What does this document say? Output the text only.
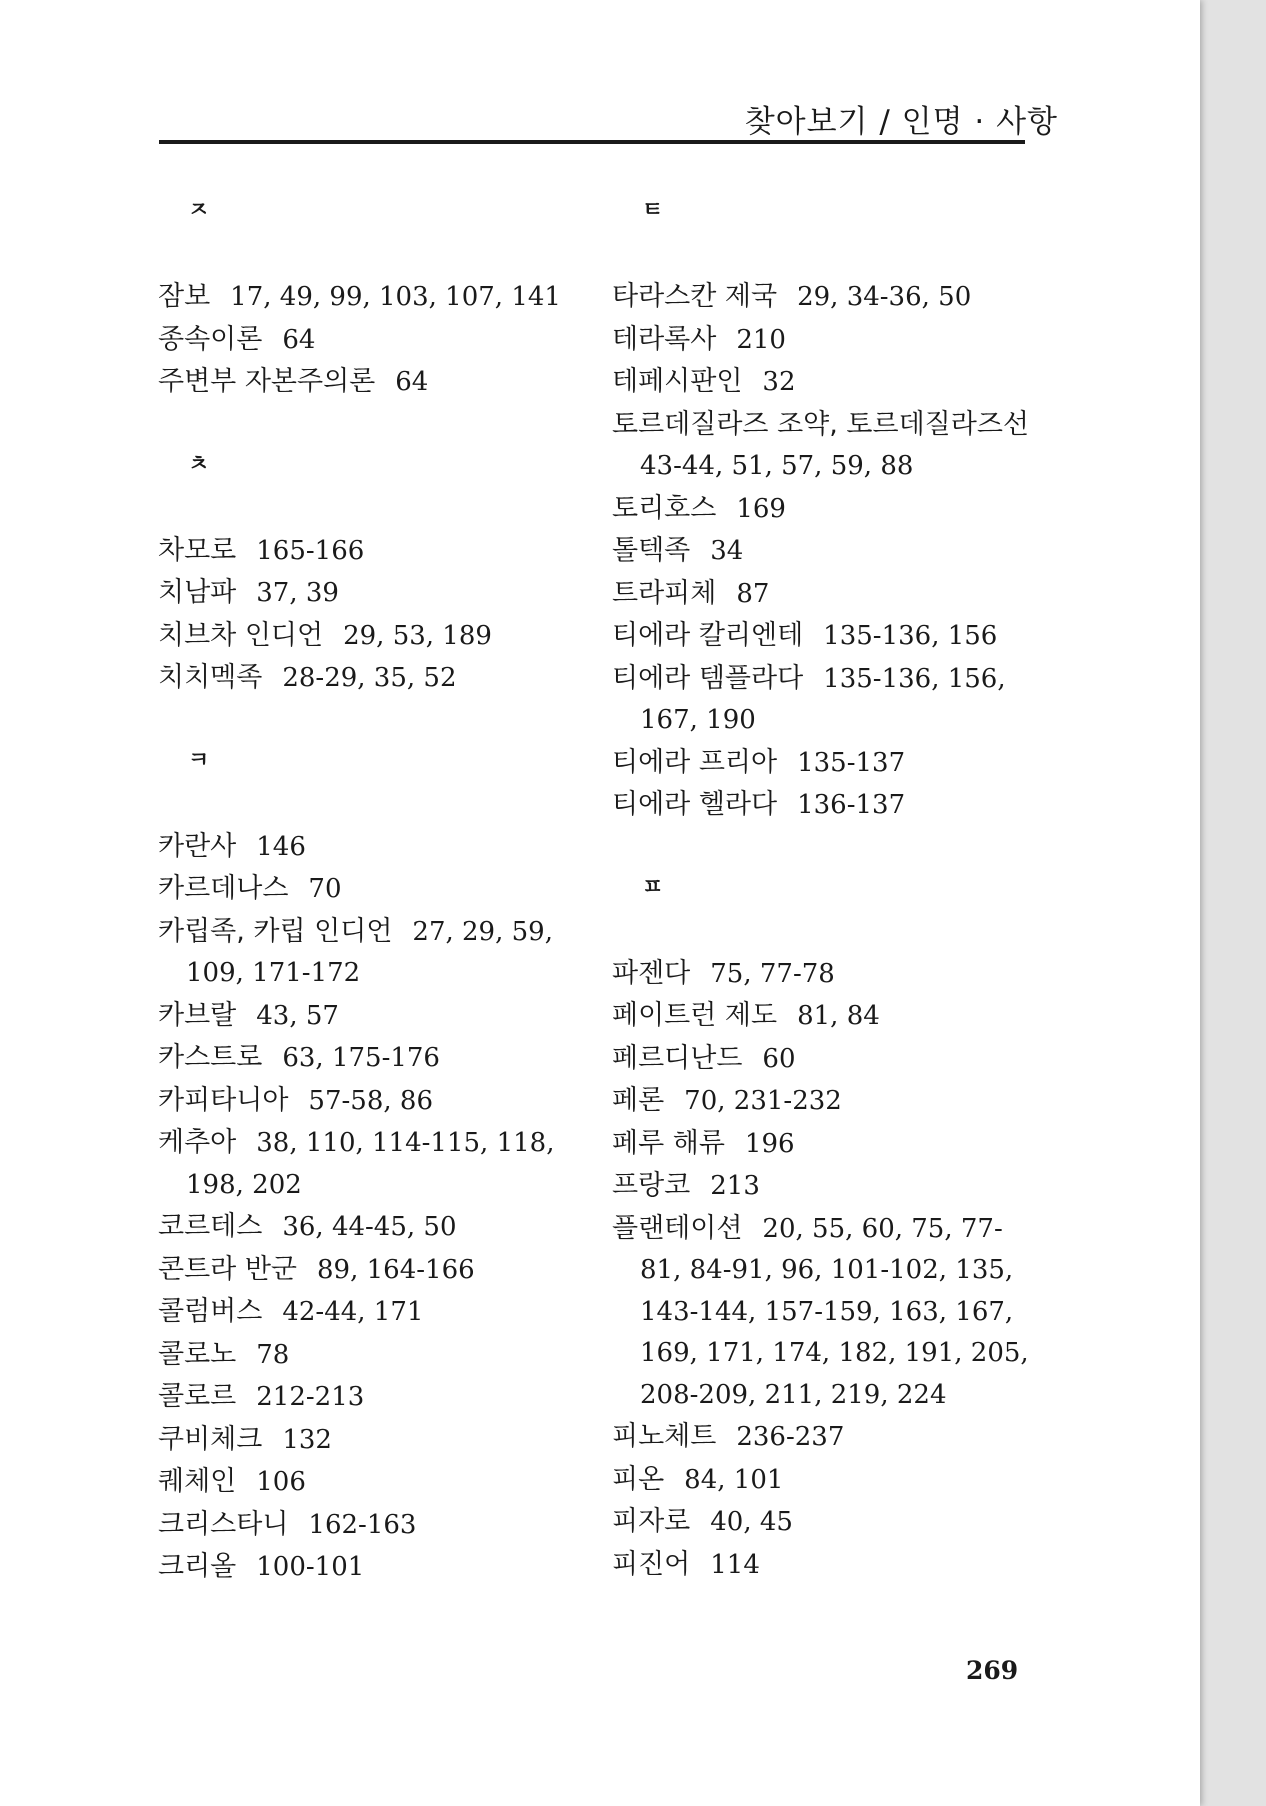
찾아보기 / 인명 · 사항
ㅈ
잠보 17, 49, 99, 103, 107, 141
종속이론 64
주변부 자본주의론 64
ㅊ
차모로 165-166
치남파 37, 39
치브차 인디언 29, 53, 189
치치멕족 28-29, 35, 52
ㅋ
카란사 146
카르데나스 70
카립족, 카립 인디언 27, 29, 59,
109, 171-172
카브랄 43, 57
카스트로 63, 175-176
카피타니아 57-58, 86
케추아 38, 110, 114-115, 118,
198, 202
코르테스 36, 44-45, 50
콘트라 반군 89, 164-166
콜럼버스 42-44, 171
콜로노 78
콜로르 212-213
쿠비체크 132
퀘체인 106
크리스타니 162-163
크리올 100-101
ㅌ
타라스칸 제국 29, 34-36, 50
테라록사 210
테페시판인 32
토르데질라즈 조약, 토르데질라즈선
43-44, 51, 57, 59, 88
토리호스 169
톨텍족 34
트라피체 87
티에라 칼리엔테 135-136, 156
티에라 템플라다 135-136, 156,
167, 190
티에라 프리아 135-137
티에라 헬라다 136-137
ㅍ
파젠다 75, 77-78
페이트런 제도 81, 84
페르디난드 60
페론 70, 231-232
페루 해류 196
프랑코 213
플랜테이션 20, 55, 60, 75, 77-
81, 84-91, 96, 101-102, 135,
143-144, 157-159, 163, 167,
169, 171, 174, 182, 191, 205,
208-209, 211, 219, 224
피노체트 236-237
피온 84, 101
피자로 40, 45
피진어 114
269
